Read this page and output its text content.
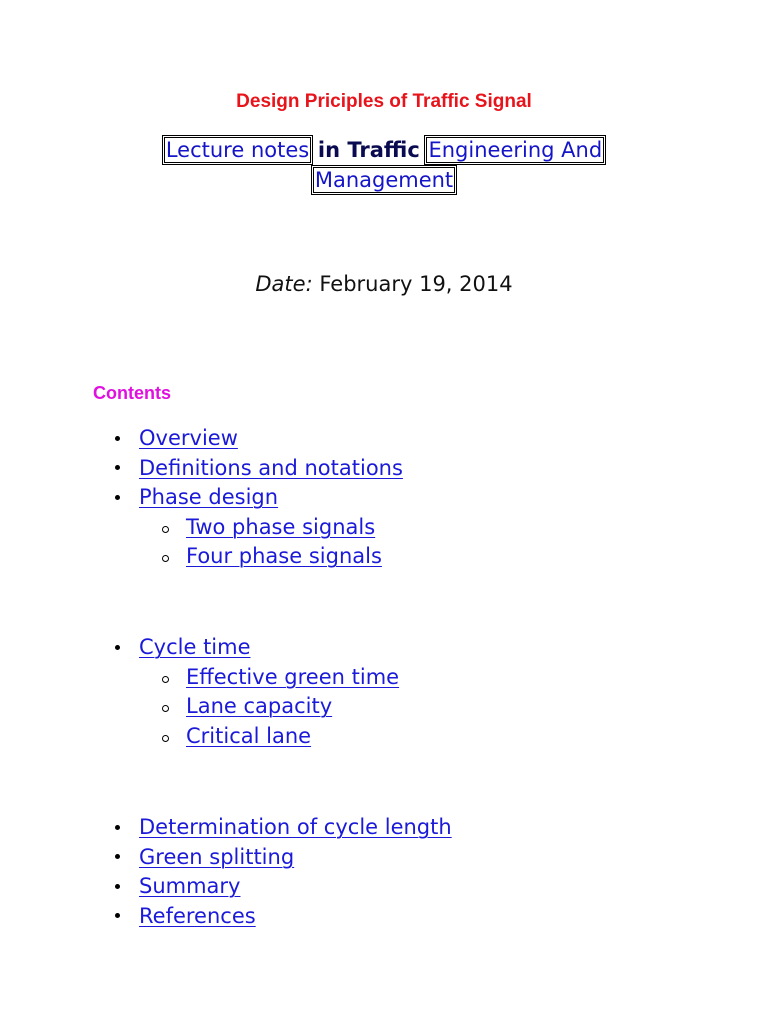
Design Priciples of Traffic Signal
Lecture notes in Traffic Engineering And
Management
Date: February 19, 2014
Contents
Overview
Definitions and notations
Phase design
Two phase signals
Four phase signals
Cycle time
Effective green time
Lane capacity
Critical lane
Determination of cycle length
Green splitting
Summary
References
